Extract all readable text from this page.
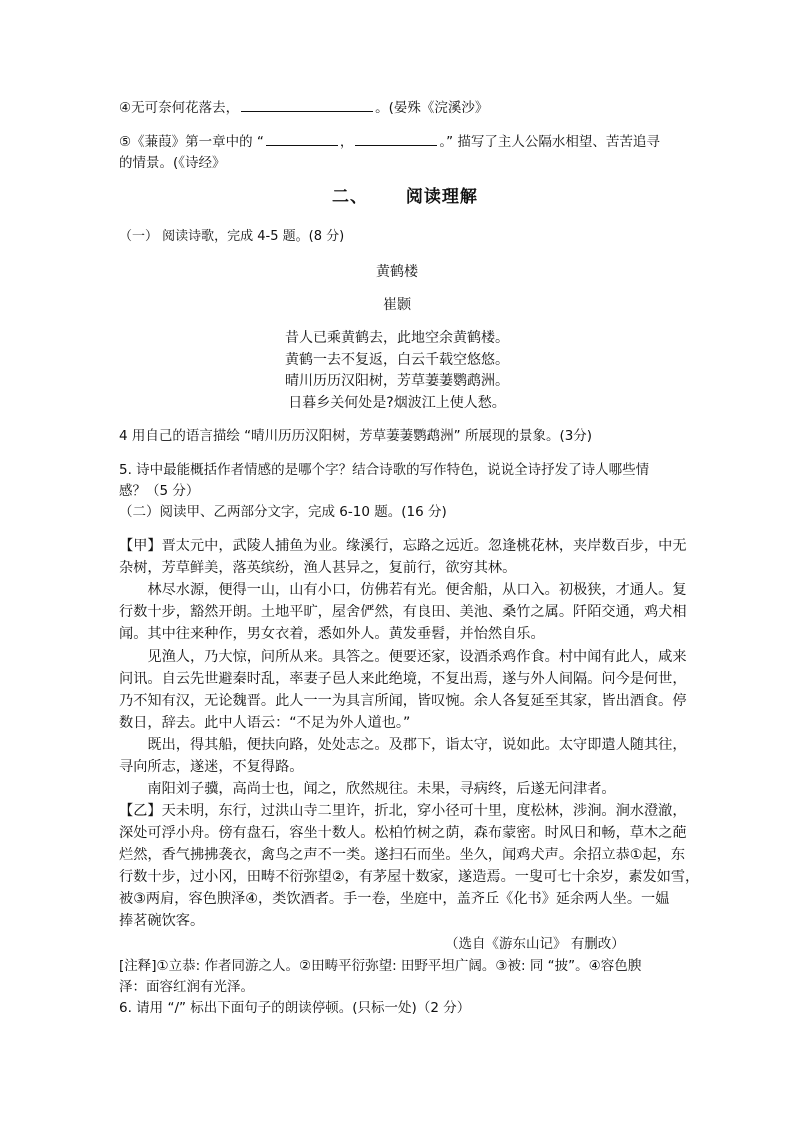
④无可奈何花落去，	。(晏殊《浣溪沙》
⑤《蒹葭》第一章中的 “	，	。” 描写了主人公隔水相望、苦苦追寻
的情景。(《诗经》
二、 阅读理解
（一） 阅读诗歌，完成 4-5 题。(8 分)
黄鹤楼
崔颢
昔人已乘黄鹤去，此地空余黄鹤楼。
黄鹤一去不复返，白云千载空悠悠。
晴川历历汉阳树，芳草萋萋鹦鹉洲。
日暮乡关何处是?烟波江上使人愁。
4 用自己的语言描绘 “晴川历历汉阳树，芳草萋萋鹦鹉洲” 所展现的景象。(3分)
5. 诗中最能概括作者情感的是哪个字？结合诗歌的写作特色，说说全诗抒发了诗人哪些情
感？（5 分）
（二）阅读甲、乙两部分文字，完成 6-10 题。(16 分)
【甲】晋太元中，武陵人捕鱼为业。缘溪行，忘路之远近。忽逢桃花林，夹岸数百步，中无
杂树，芳草鲜美，落英缤纷，渔人甚异之，复前行，欲穷其林。
　　林尽水源，便得一山，山有小口，仿佛若有光。便舍船，从口入。初极狭，才通人。复
行数十步，豁然开朗。土地平旷，屋舍俨然，有良田、美池、桑竹之属。阡陌交通，鸡犬相
闻。其中往来种作，男女衣着，悉如外人。黄发垂髫，并怡然自乐。
　　见渔人，乃大惊，问所从来。具答之。便要还家，设酒杀鸡作食。村中闻有此人，咸来
问讯。自云先世避秦时乱，率妻子邑人来此绝境，不复出焉，遂与外人间隔。问今是何世，
乃不知有汉，无论魏晋。此人一一为具言所闻，皆叹惋。余人各复延至其家，皆出酒食。停
数日，辞去。此中人语云：“不足为外人道也。”
　　既出，得其船，便扶向路，处处志之。及郡下，诣太守，说如此。太守即遣人随其往，
寻向所志，遂迷，不复得路。
　　南阳刘子骥，高尚士也，闻之，欣然规往。未果，寻病终，后遂无问津者。
【乙】天未明，东行，过洪山寺二里许，折北，穿小径可十里，度松林，涉涧。涧水澄澈，
深处可浮小舟。傍有盘石，容坐十数人。松柏竹树之荫，森布蒙密。时风日和畅，草木之葩
烂然，香气拂拂袭衣，禽鸟之声不一类。遂扫石而坐。坐久，闻鸡犬声。余招立恭①起，东
行数十步，过小冈，田畴不衍弥望②，有茅屋十数家，遂造焉。一叟可七十余岁，素发如雪，
被③两肩，容色腴泽④，类饮酒者。手一卷，坐庭中，盖齐丘《化书》延余两人坐。一媪
捧茗碗饮客。
（选自《游东山记》 有删改）
[注释]①立恭: 作者同游之人。②田畴平衍弥望: 田野平坦广阔。③被: 同 “披”。④容色腴
泽：面容红润有光泽。
6. 请用 “/” 标出下面句子的朗读停顿。(只标一处)（2 分）
